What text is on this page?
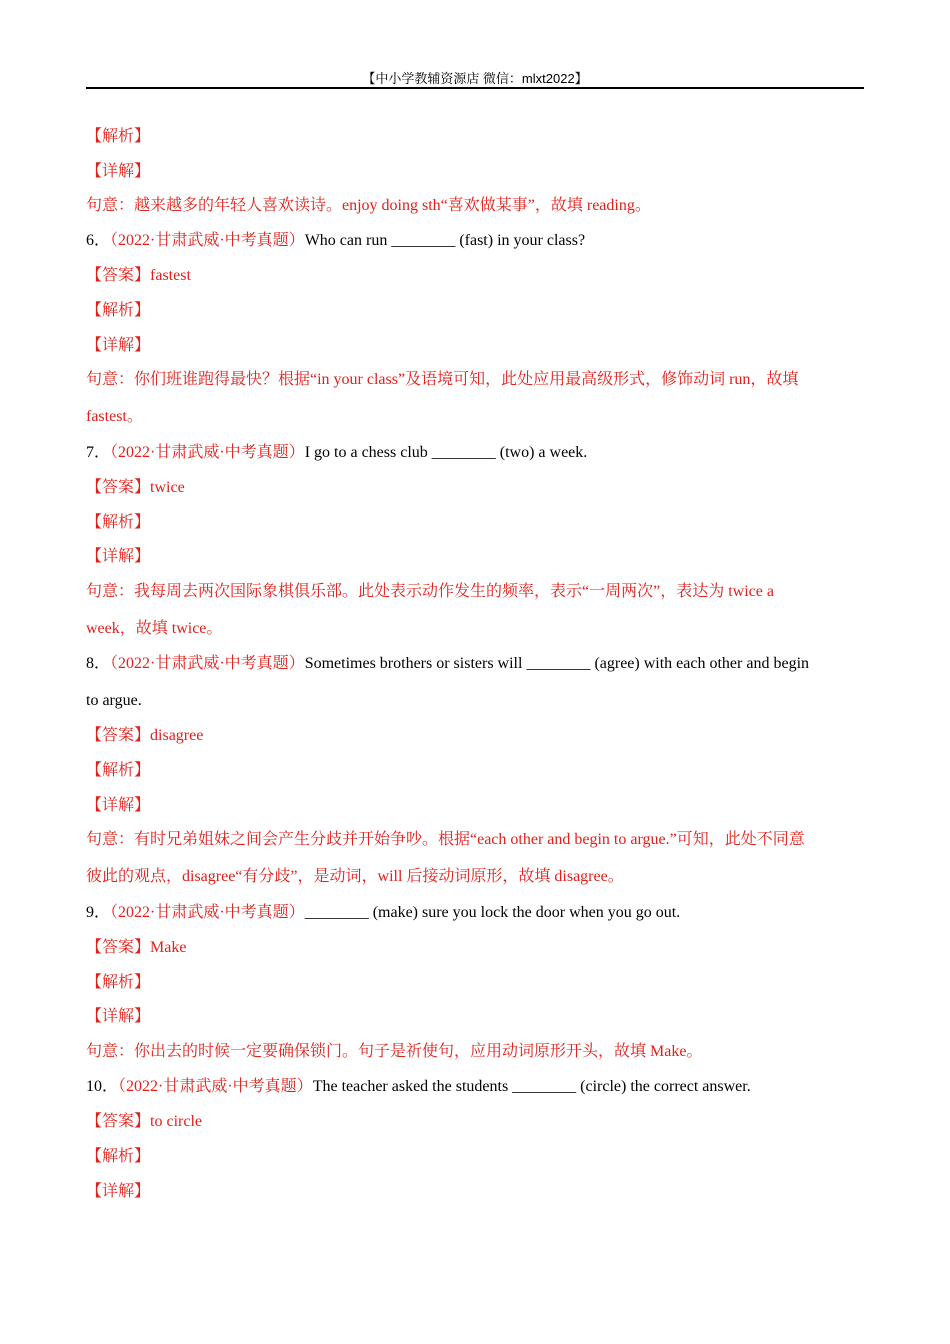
【中小学教辅资源店 微信：mlxt2022】
【解析】
【详解】
句意：越来越多的年轻人喜欢读诗。enjoy doing sth“喜欢做某事”，故填 reading。
6．（2022·甘肃武威·中考真题）Who can run ________ (fast) in your class?
【答案】fastest
【解析】
【详解】
句意：你们班谁跑得最快？根据“in your class”及语境可知，此处应用最高级形式，修饰动词 run，故填
fastest。
7．（2022·甘肃武威·中考真题）I go to a chess club ________ (two) a week.
【答案】twice
【解析】
【详解】
句意：我每周去两次国际象棋俱乐部。此处表示动作发生的频率，表示“一周两次”，表达为 twice a
week，故填 twice。
8．（2022·甘肃武威·中考真题）Sometimes brothers or sisters will ________ (agree) with each other and begin
to argue.
【答案】disagree
【解析】
【详解】
句意：有时兄弟姐妹之间会产生分歧并开始争吵。根据“each other and begin to argue.”可知，此处不同意
彼此的观点，disagree“有分歧”，是动词，will 后接动词原形，故填 disagree。
9．（2022·甘肃武威·中考真题）________ (make) sure you lock the door when you go out.
【答案】Make
【解析】
【详解】
句意：你出去的时候一定要确保锁门。句子是祈使句，应用动词原形开头，故填 Make。
10．（2022·甘肃武威·中考真题）The teacher asked the students ________ (circle) the correct answer.
【答案】to circle
【解析】
【详解】
